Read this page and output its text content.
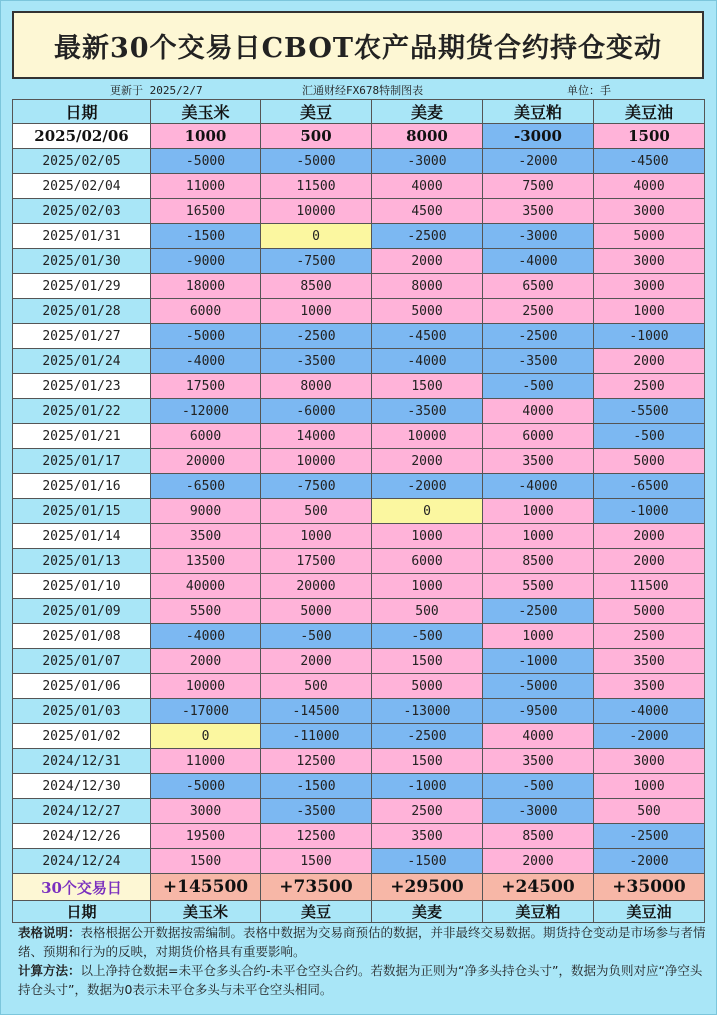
最新30个交易日CBOT农产品期货合约持仓变动
更新于 2025/2/7	汇通财经FX678特制图表	单位：手
日期	美玉米	美豆	美麦	美豆粕	美豆油
2025/02/06	1000	500	8000	-3000	1500
2025/02/05	-5000	-5000	-3000	-2000	-4500
2025/02/04	11000	11500	4000	7500	4000
2025/02/03	16500	10000	4500	3500	3000
2025/01/31	-1500	0	-2500	-3000	5000
2025/01/30	-9000	-7500	2000	-4000	3000
2025/01/29	18000	8500	8000	6500	3000
2025/01/28	6000	1000	5000	2500	1000
2025/01/27	-5000	-2500	-4500	-2500	-1000
2025/01/24	-4000	-3500	-4000	-3500	2000
2025/01/23	17500	8000	1500	-500	2500
2025/01/22	-12000	-6000	-3500	4000	-5500
2025/01/21	6000	14000	10000	6000	-500
2025/01/17	20000	10000	2000	3500	5000
2025/01/16	-6500	-7500	-2000	-4000	-6500
2025/01/15	9000	500	0	1000	-1000
2025/01/14	3500	1000	1000	1000	2000
2025/01/13	13500	17500	6000	8500	2000
2025/01/10	40000	20000	1000	5500	11500
2025/01/09	5500	5000	500	-2500	5000
2025/01/08	-4000	-500	-500	1000	2500
2025/01/07	2000	2000	1500	-1000	3500
2025/01/06	10000	500	5000	-5000	3500
2025/01/03	-17000	-14500	-13000	-9500	-4000
2025/01/02	0	-11000	-2500	4000	-2000
2024/12/31	11000	12500	1500	3500	3000
2024/12/30	-5000	-1500	-1000	-500	1000
2024/12/27	3000	-3500	2500	-3000	500
2024/12/26	19500	12500	3500	8500	-2500
2024/12/24	1500	1500	-1500	2000	-2000
30个交易日	+145500	+73500	+29500	+24500	+35000
日期	美玉米	美豆	美麦	美豆粕	美豆油
表格说明：表格根据公开数据按需编制。表格中数据为交易商预估的数据，并非最终交易数据。期货持仓变动是市场参与者情绪、预期和行为的反映，对期货价格具有重要影响。
计算方法：以上净持仓数据=未平仓多头合约-未平仓空头合约。若数据为正则为“净多头持仓头寸”，数据为负则对应“净空头持仓头寸”，数据为0表示未平仓多头与未平仓空头相同。
